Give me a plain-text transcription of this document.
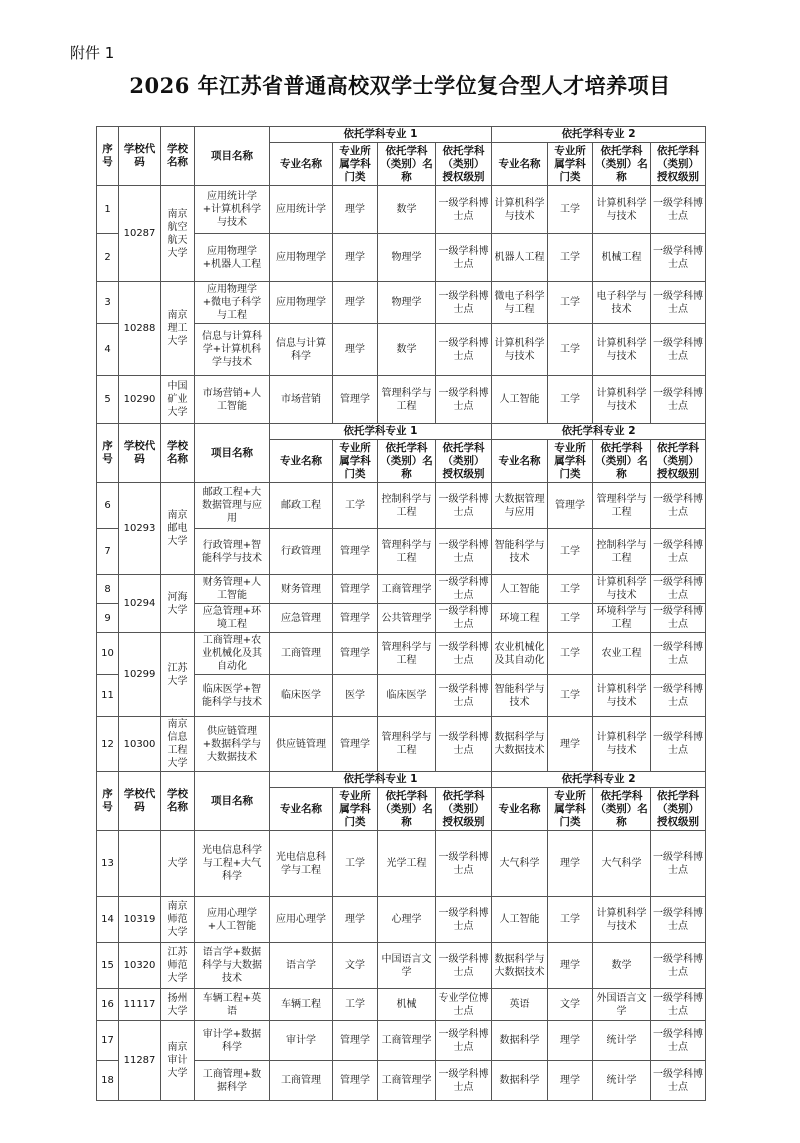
附件 1
2026 年江苏省普通高校双学士学位复合型人才培养项目
序号	学校代码	学校名称	项目名称	依托学科专业 1				依托学科专业 2			
				专业名称	专业所属学科门类	依托学科（类别）名称	依托学科（类别）授权级别	专业名称	专业所属学科门类	依托学科（类别）名称	依托学科（类别）授权级别
1	10287	南京航空航天大学	应用统计学+计算机科学与技术	应用统计学	理学	数学	一级学科博士点	计算机科学与技术	工学	计算机科学与技术	一级学科博士点
2			应用物理学+机器人工程	应用物理学	理学	物理学	一级学科博士点	机器人工程	工学	机械工程	一级学科博士点
3	10288	南京理工大学	应用物理学+微电子科学与工程	应用物理学	理学	物理学	一级学科博士点	微电子科学与工程	工学	电子科学与技术	一级学科博士点
4			信息与计算科学+计算机科学与技术	信息与计算科学	理学	数学	一级学科博士点	计算机科学与技术	工学	计算机科学与技术	一级学科博士点
5	10290	中国矿业大学	市场营销+人工智能	市场营销	管理学	管理科学与工程	一级学科博士点	人工智能	工学	计算机科学与技术	一级学科博士点
序号	学校代码	学校名称	项目名称	依托学科专业 1				依托学科专业 2			
				专业名称	专业所属学科门类	依托学科（类别）名称	依托学科（类别）授权级别	专业名称	专业所属学科门类	依托学科（类别）名称	依托学科（类别）授权级别
6	10293	南京邮电大学	邮政工程+大数据管理与应用	邮政工程	工学	控制科学与工程	一级学科博士点	大数据管理与应用	管理学	管理科学与工程	一级学科博士点
7			行政管理+智能科学与技术	行政管理	管理学	管理科学与工程	一级学科博士点	智能科学与技术	工学	控制科学与工程	一级学科博士点
8	10294	河海大学	财务管理+人工智能	财务管理	管理学	工商管理学	一级学科博士点	人工智能	工学	计算机科学与技术	一级学科博士点
9			应急管理+环境工程	应急管理	管理学	公共管理学	一级学科博士点	环境工程	工学	环境科学与工程	一级学科博士点
10	10299	江苏大学	工商管理+农业机械化及其自动化	工商管理	管理学	管理科学与工程	一级学科博士点	农业机械化及其自动化	工学	农业工程	一级学科博士点
11			临床医学+智能科学与技术	临床医学	医学	临床医学	一级学科博士点	智能科学与技术	工学	计算机科学与技术	一级学科博士点
12	10300	南京信息工程大学	供应链管理+数据科学与大数据技术	供应链管理	管理学	管理科学与工程	一级学科博士点	数据科学与大数据技术	理学	计算机科学与技术	一级学科博士点
序号	学校代码	学校名称	项目名称	依托学科专业 1				依托学科专业 2			
				专业名称	专业所属学科门类	依托学科（类别）名称	依托学科（类别）授权级别	专业名称	专业所属学科门类	依托学科（类别）名称	依托学科（类别）授权级别
13		大学	光电信息科学与工程+大气科学	光电信息科学与工程	工学	光学工程	一级学科博士点	大气科学	理学	大气科学	一级学科博士点
14	10319	南京师范大学	应用心理学+人工智能	应用心理学	理学	心理学	一级学科博士点	人工智能	工学	计算机科学与技术	一级学科博士点
15	10320	江苏师范大学	语言学+数据科学与大数据技术	语言学	文学	中国语言文学	一级学科博士点	数据科学与大数据技术	理学	数学	一级学科博士点
16	11117	扬州大学	车辆工程+英语	车辆工程	工学	机械	专业学位博士点	英语	文学	外国语言文学	一级学科博士点
17	11287	南京审计大学	审计学+数据科学	审计学	管理学	工商管理学	一级学科博士点	数据科学	理学	统计学	一级学科博士点
18			工商管理+数据科学	工商管理	管理学	工商管理学	一级学科博士点	数据科学	理学	统计学	一级学科博士点
